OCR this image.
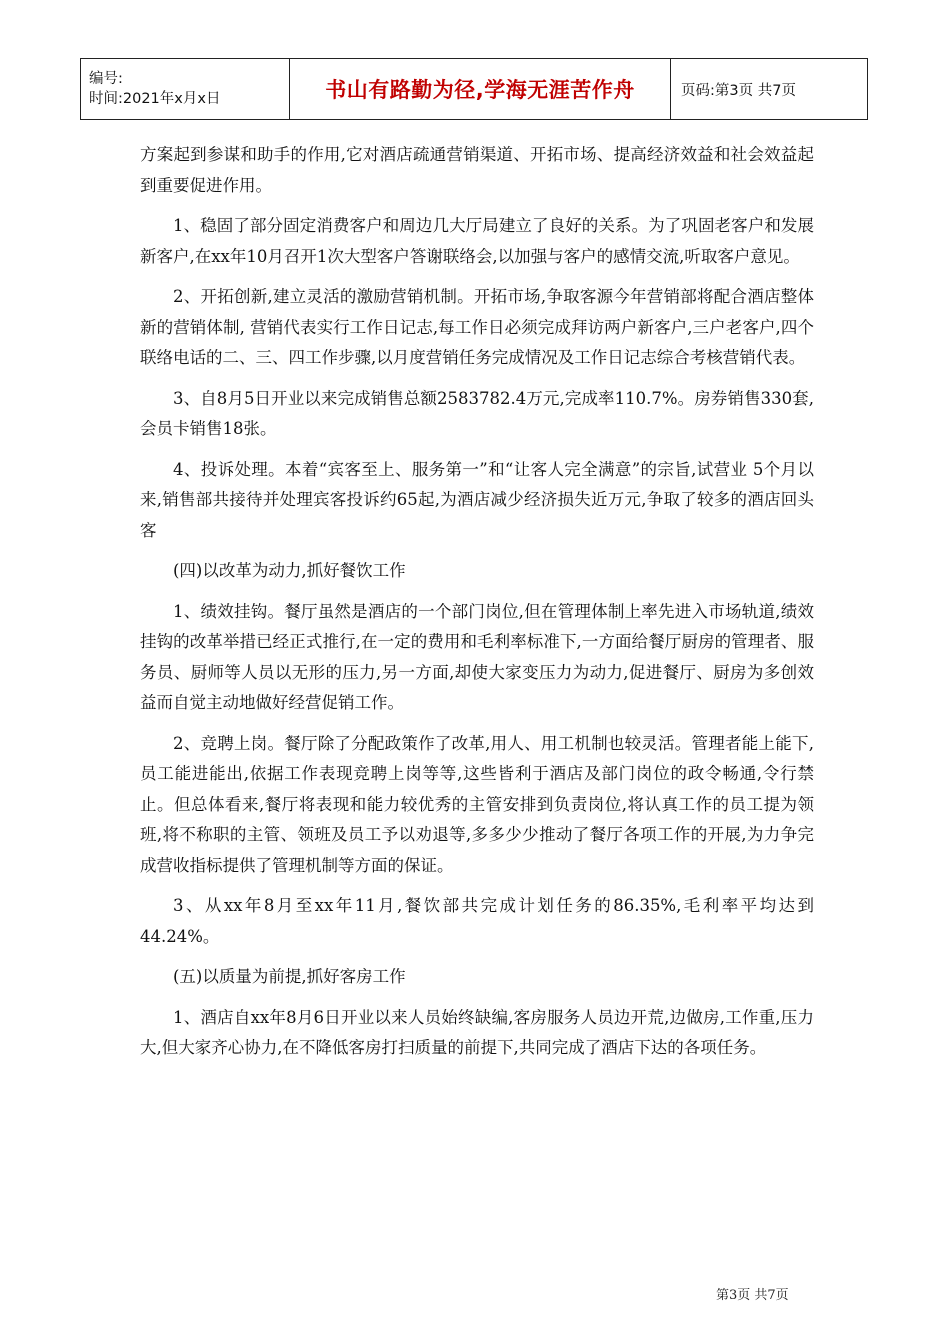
编号:
时间:2021年x月x日	书山有路勤为径,学海无涯苦作舟	页码:第3页 共7页

方案起到参谋和助手的作用,它对酒店疏通营销渠道、开拓市场、提高经济效益和社会效益起到重要促进作用。

1、稳固了部分固定消费客户和周边几大厅局建立了良好的关系。为了巩固老客户和发展新客户,在xx年10月召开1次大型客户答谢联络会,以加强与客户的感情交流,听取客户意见。

2、开拓创新,建立灵活的激励营销机制。开拓市场,争取客源今年营销部将配合酒店整体新的营销体制, 营销代表实行工作日记志,每工作日必须完成拜访两户新客户,三户老客户,四个联络电话的二、三、四工作步骤,以月度营销任务完成情况及工作日记志综合考核营销代表。

3、自8月5日开业以来完成销售总额2583782.4万元,完成率110.7%。房券销售330套,会员卡销售18张。

4、投诉处理。本着“宾客至上、服务第一”和“让客人完全满意”的宗旨,试营业 5个月以来,销售部共接待并处理宾客投诉约65起,为酒店减少经济损失近万元,争取了较多的酒店回头客

(四)以改革为动力,抓好餐饮工作

1、绩效挂钩。餐厅虽然是酒店的一个部门岗位,但在管理体制上率先进入市场轨道,绩效挂钩的改革举措已经正式推行,在一定的费用和毛利率标准下,一方面给餐厅厨房的管理者、服务员、厨师等人员以无形的压力,另一方面,却使大家变压力为动力,促进餐厅、厨房为多创效益而自觉主动地做好经营促销工作。

2、竞聘上岗。餐厅除了分配政策作了改革,用人、用工机制也较灵活。管理者能上能下,员工能进能出,依据工作表现竞聘上岗等等,这些皆利于酒店及部门岗位的政令畅通,令行禁止。但总体看来,餐厅将表现和能力较优秀的主管安排到负责岗位,将认真工作的员工提为领班,将不称职的主管、领班及员工予以劝退等,多多少少推动了餐厅各项工作的开展,为力争完成营收指标提供了管理机制等方面的保证。

3、从xx年8月至xx年11月,餐饮部共完成计划任务的86.35%,毛利率平均达到44.24%。

(五)以质量为前提,抓好客房工作

1、酒店自xx年8月6日开业以来人员始终缺编,客房服务人员边开荒,边做房,工作重,压力大,但大家齐心协力,在不降低客房打扫质量的前提下,共同完成了酒店下达的各项任务。

第3页 共7页
